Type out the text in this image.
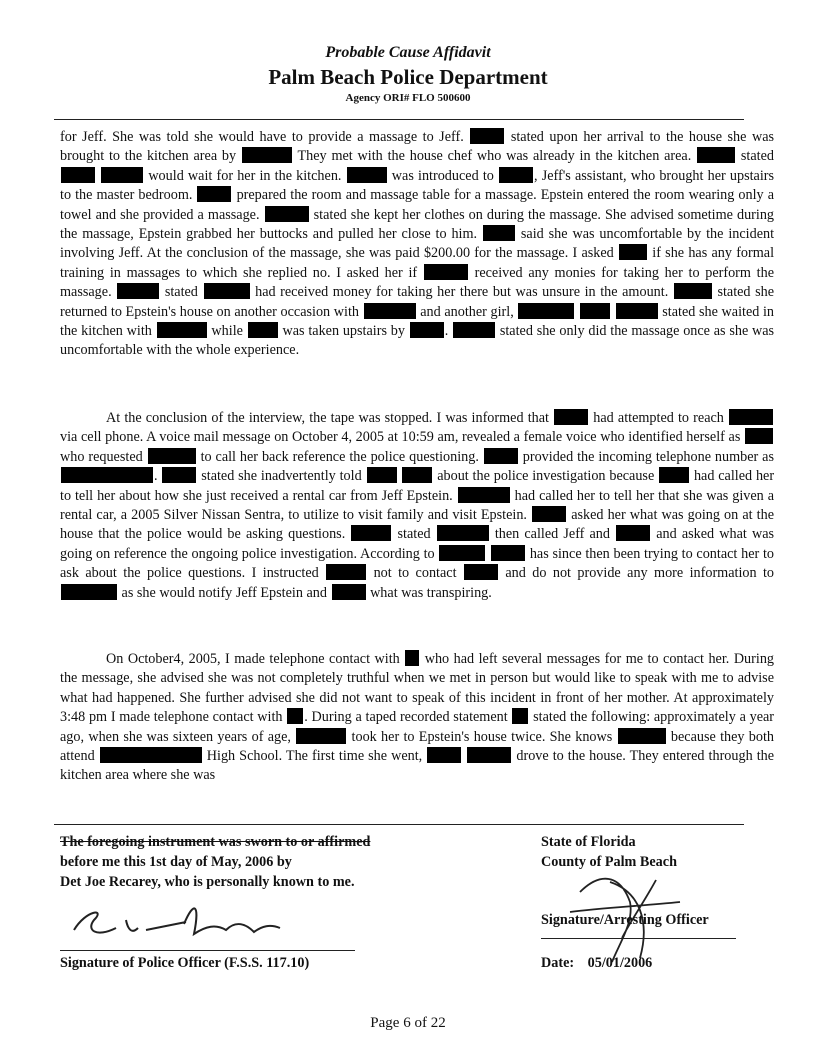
Probable Cause Affidavit
Palm Beach Police Department
Agency ORI# FLO 500600

for Jeff. She was told she would have to provide a massage to Jeff.	stated upon her arrival to the house she was brought to the kitchen area by	They met with the house chef who was already in the kitchen area.	stated   would wait for her in the kitchen.	was introduced to	, Jeff's assistant, who brought her upstairs to the master bedroom.	prepared the room and massage table for a massage. Epstein entered the room wearing only a towel and she provided a massage.	stated she kept her clothes on during the massage. She advised sometime during the massage, Epstein grabbed her buttocks and pulled her close to him.	said she was uncomfortable by the incident involving Jeff. At the conclusion of the massage, she was paid $200.00 for the massage. I asked	if she has any formal training in massages to which she replied no. I asked her if	received any monies for taking her to perform the massage.	stated	had received money for taking her there but was unsure in the amount.	stated she returned to Epstein's house on another occasion with	and another girl,	stated she waited in the kitchen with	while	was taken upstairs by	.	stated she only did the massage once as she was uncomfortable with the whole experience.

At the conclusion of the interview, the tape was stopped. I was informed that	had attempted to reach  via cell phone. A voice mail message on October 4, 2005 at 10:59 am, revealed a female voice who identified herself as  who requested	to call her back reference the police questioning.	provided the incoming telephone number as .	stated she inadvertently told	about the police investigation because	had called her to tell her about how she just received a rental car from Jeff Epstein.	had called her to tell her that she was given a rental car, a 2005 Silver Nissan Sentra, to utilize to visit family and visit Epstein.	asked her what was going on at the house that the police would be asking questions.	stated	then called Jeff and	and asked what was going on reference the ongoing police investigation. According to	has since then been trying to contact her to ask about the police questions. I instructed	not to contact	and do not provide any more information to  as she would notify Jeff Epstein and	what was transpiring.

On October4, 2005, I made telephone contact with who had left several messages for me to contact her. During the message, she advised she was not completely truthful when we met in person but would like to speak with me to advise what had happened. She further advised she did not want to speak of this incident in front of her mother. At approximately 3:48 pm I made telephone contact with . During a taped recorded statement stated the following: approximately a year ago, when she was sixteen years of age,	took her to Epstein's house twice. She knows	because they both attend	High School. The first time she went,	drove to the house. They entered through the kitchen area where she was

The foregoing instrument was sworn to or affirmed
before me this 1st day of May, 2006 by
Det Joe Recarey, who is personally known to me.
State of Florida
County of Palm Beach
Signature of Police Officer (F.S.S. 117.10)
Signature/Arresting Officer
Date: 05/01/2006
Page 6 of 22
